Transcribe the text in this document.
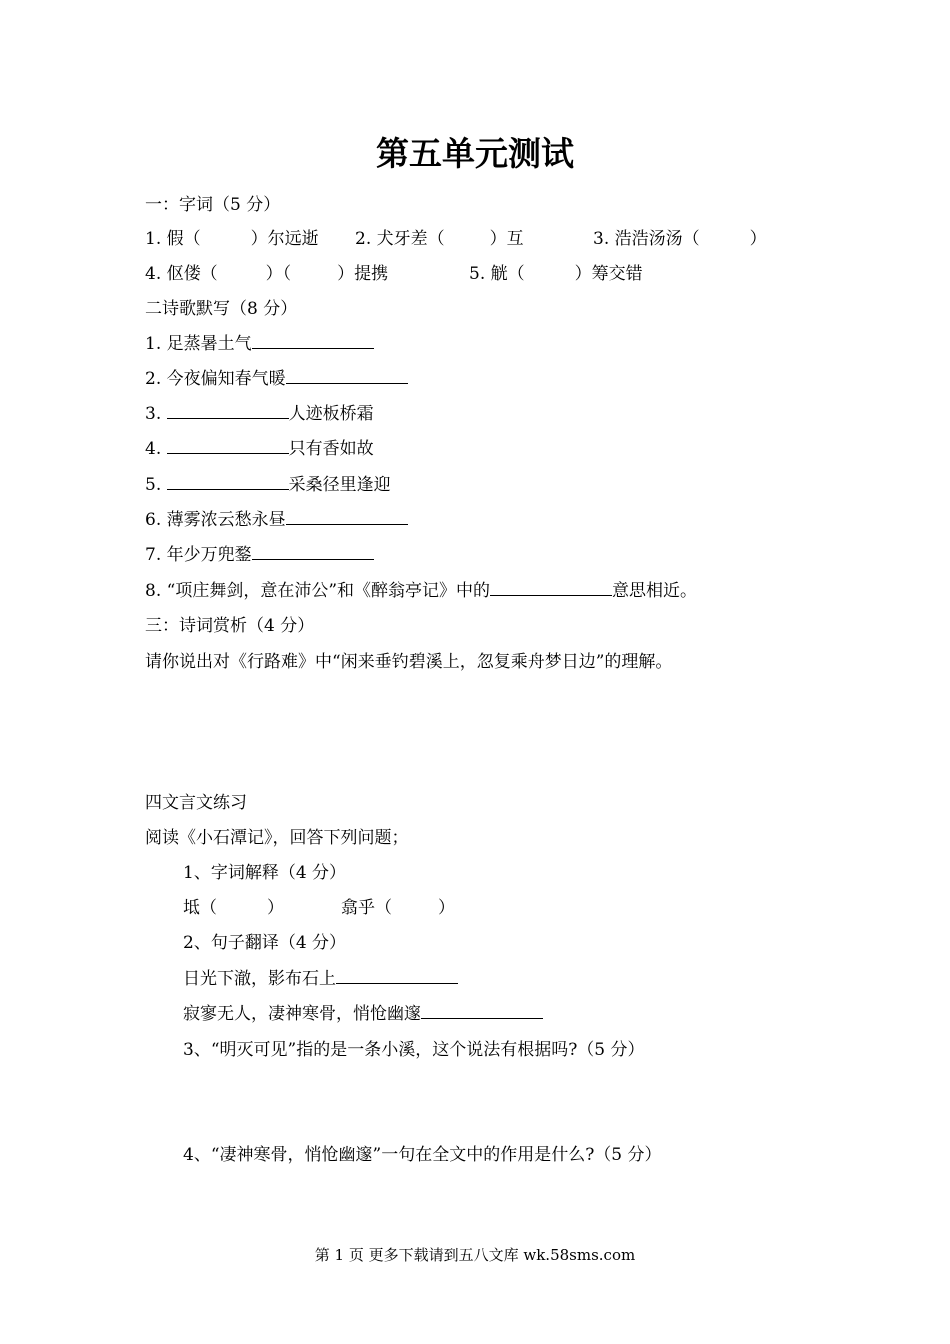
第五单元测试
一：字词（5 分）
1. 假（	）尔远逝 2. 犬牙差（	）互	3. 浩浩汤汤（	）
4. 伛偻（	）（	）提携	5. 觥（	）筹交错
二诗歌默写（8 分）
1. 足蒸暑土气
2. 今夜偏知春气暖
3.	人迹板桥霜
4.	只有香如故
5.	采桑径里逢迎
6. 薄雾浓云愁永昼
7. 年少万兜鍪
8. “项庄舞剑，意在沛公”和《醉翁亭记》中的	意思相近。
三：诗词赏析（4 分）
请你说出对《行路难》中“闲来垂钓碧溪上，忽复乘舟梦日边”的理解。
四文言文练习
阅读《小石潭记》，回答下列问题；
1、字词解释（4 分）
坻（	）	翕乎（	）
2、句子翻译（4 分）
日光下澈，影布石上
寂寥无人，凄神寒骨，悄怆幽邃
3、“明灭可见”指的是一条小溪，这个说法有根据吗?（5 分）
4、“凄神寒骨，悄怆幽邃”一句在全文中的作用是什么?（5 分）
第 1 页 更多下载请到五八文库 wk.58sms.com
